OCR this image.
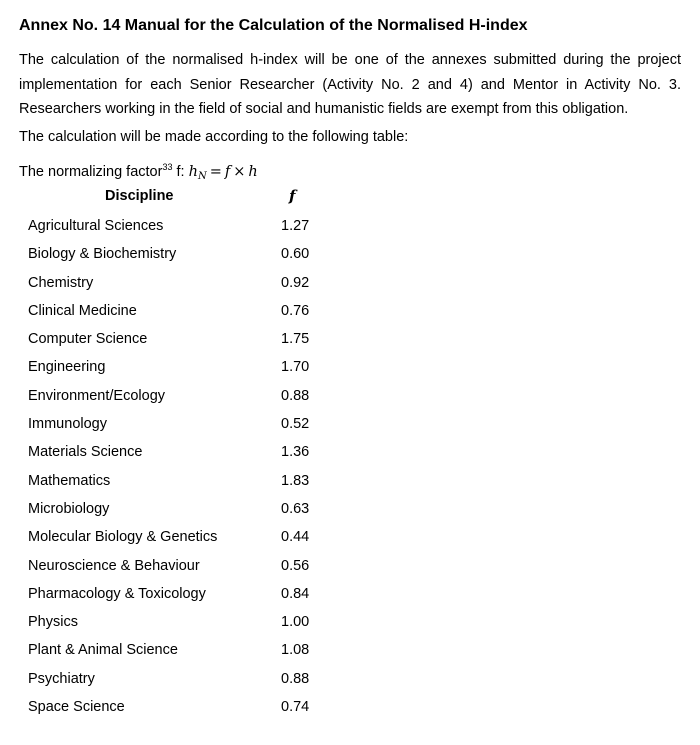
Annex No. 14 Manual for the Calculation of the Normalised H-index
The calculation of the normalised h-index will be one of the annexes submitted during the project implementation for each Senior Researcher (Activity No. 2 and 4) and Mentor in Activity No. 3. Researchers working in the field of social and humanistic fields are exempt from this obligation.
The calculation will be made according to the following table:
The normalizing factor$^{33}$ f: $h_N = f \times h$
Discipline	f
Agricultural Sciences	1.27
Biology & Biochemistry	0.60
Chemistry	0.92
Clinical Medicine	0.76
Computer Science	1.75
Engineering	1.70
Environment/Ecology	0.88
Immunology	0.52
Materials Science	1.36
Mathematics	1.83
Microbiology	0.63
Molecular Biology & Genetics	0.44
Neuroscience & Behaviour	0.56
Pharmacology & Toxicology	0.84
Physics	1.00
Plant & Animal Science	1.08
Psychiatry	0.88
Space Science	0.74
